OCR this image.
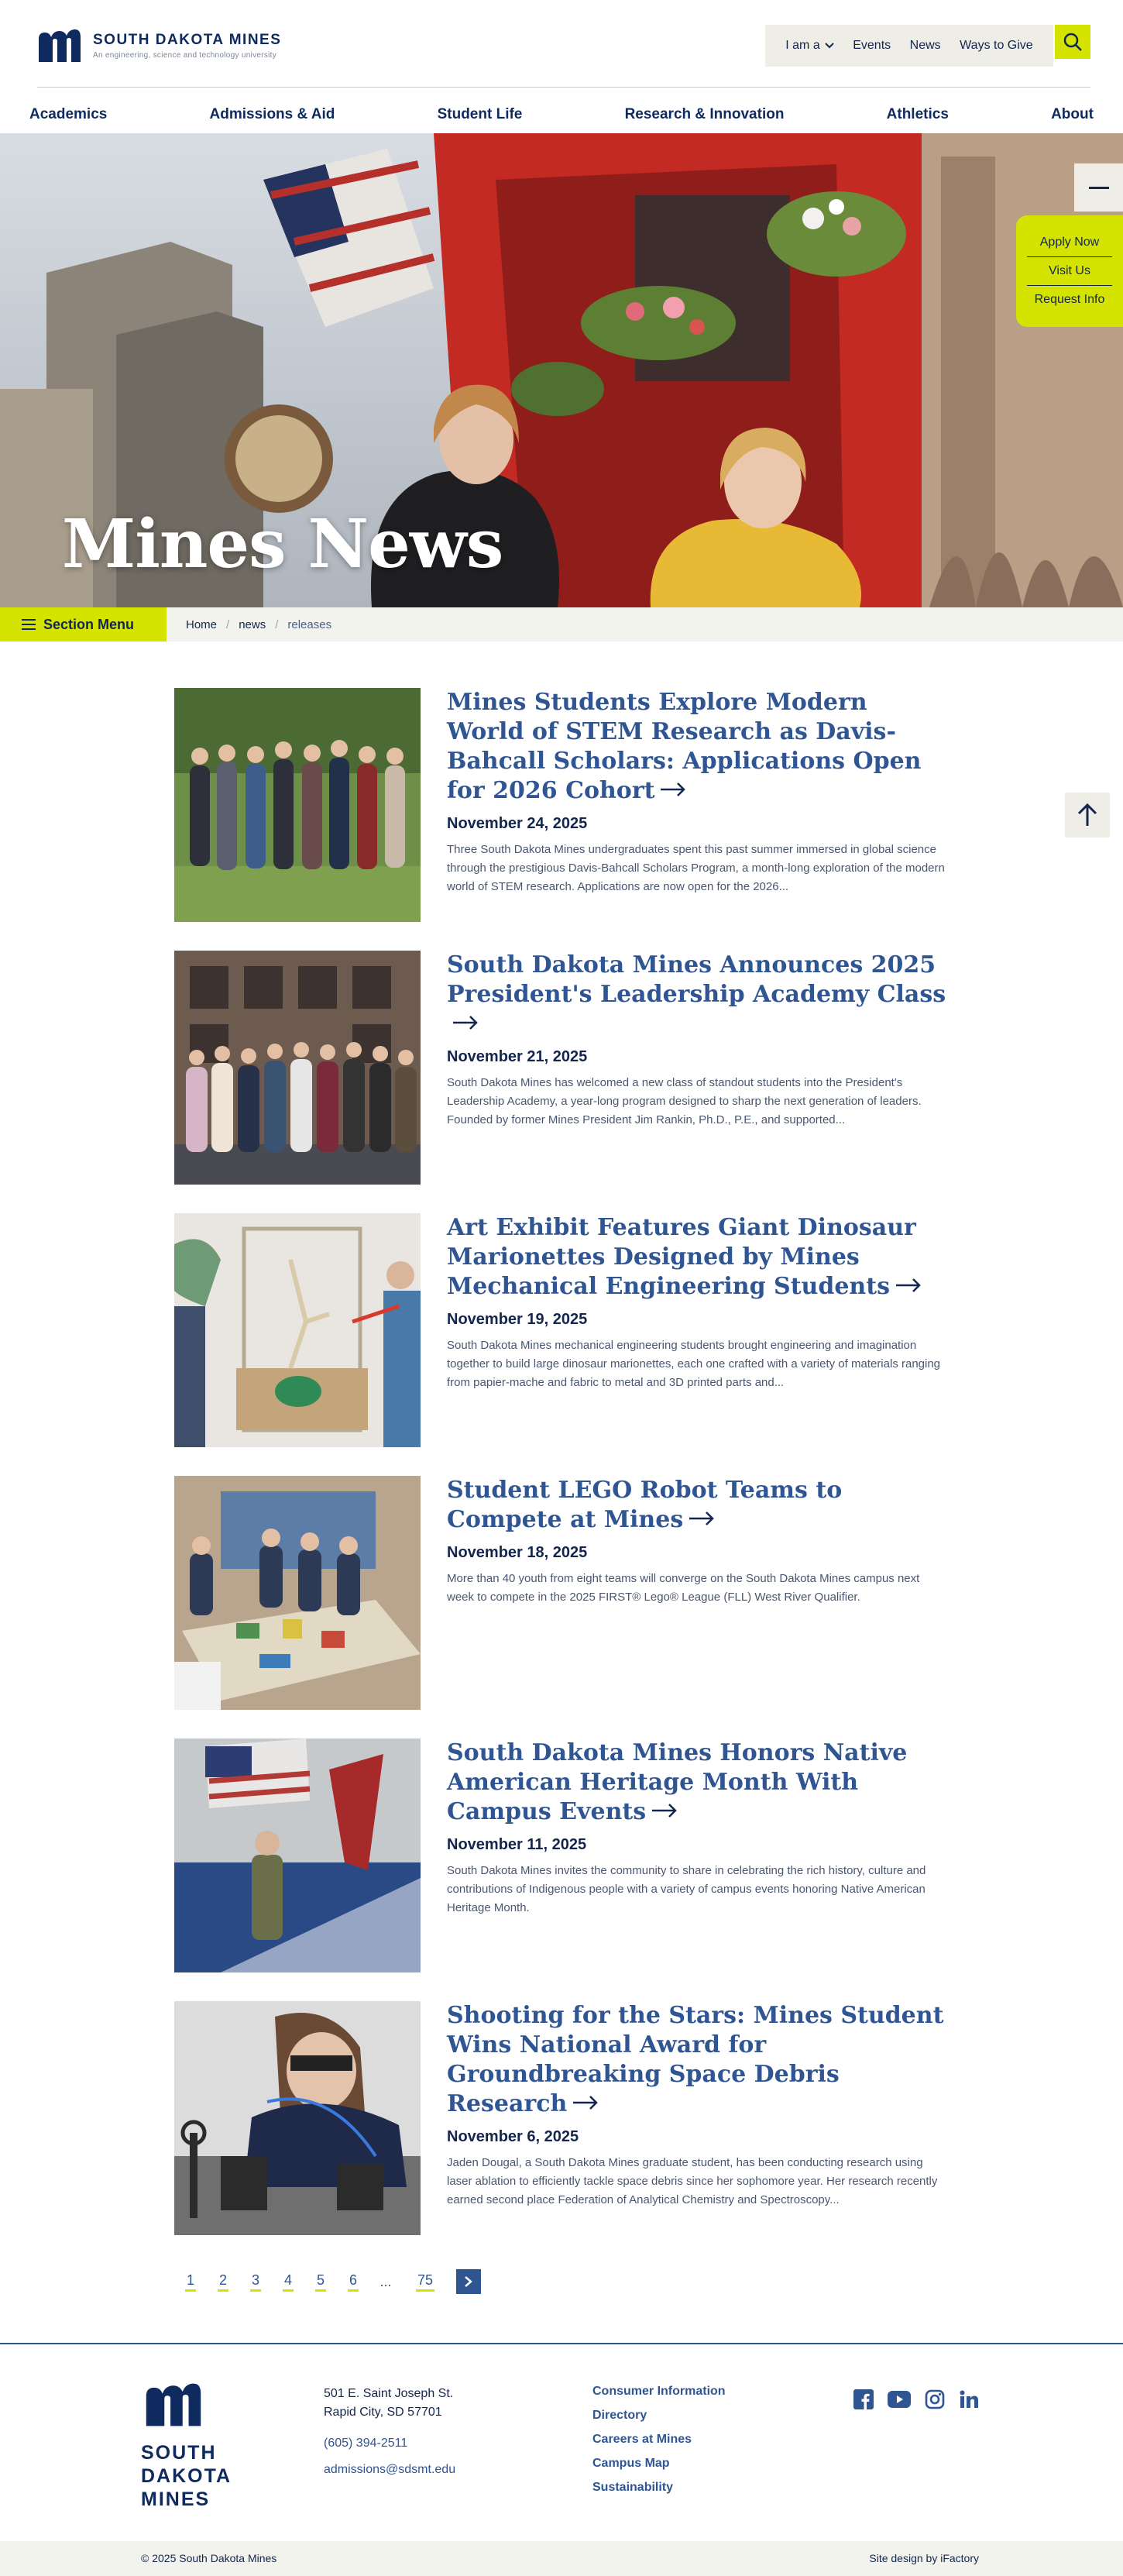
SOUTH DAKOTA MINES
An engineering, science and technology university
I am a	Events News Ways to Give
Academics	Admissions & Aid	Student Life	Research & Innovation	Athletics	About
Mines News
Apply Now
Visit Us
Request Info
Section Menu	Home / news / releases
Mines Students Explore Modern World of STEM Research as Davis-Bahcall Scholars: Applications Open for 2026 Cohort
November 24, 2025
Three South Dakota Mines undergraduates spent this past summer immersed in global science through the prestigious Davis-Bahcall Scholars Program, a month-long exploration of the modern world of STEM research. Applications are now open for the 2026...
South Dakota Mines Announces 2025 President's Leadership Academy Class
November 21, 2025
South Dakota Mines has welcomed a new class of standout students into the President's Leadership Academy, a year-long program designed to sharp the next generation of leaders. Founded by former Mines President Jim Rankin, Ph.D., P.E., and supported...
Art Exhibit Features Giant Dinosaur Marionettes Designed by Mines Mechanical Engineering Students
November 19, 2025
South Dakota Mines mechanical engineering students brought engineering and imagination together to build large dinosaur marionettes, each one crafted with a variety of materials ranging from papier-mache and fabric to metal and 3D printed parts and...
Student LEGO Robot Teams to Compete at Mines
November 18, 2025
More than 40 youth from eight teams will converge on the South Dakota Mines campus next week to compete in the 2025 FIRST® Lego® League (FLL) West River Qualifier.
South Dakota Mines Honors Native American Heritage Month With Campus Events
November 11, 2025
South Dakota Mines invites the community to share in celebrating the rich history, culture and contributions of Indigenous people with a variety of campus events honoring Native American Heritage Month.
Shooting for the Stars: Mines Student Wins National Award for Groundbreaking Space Debris Research
November 6, 2025
Jaden Dougal, a South Dakota Mines graduate student, has been conducting research using laser ablation to efficiently tackle space debris since her sophomore year. Her research recently earned second place Federation of Analytical Chemistry and Spectroscopy...
1	2	3	4	5	6	...	75
SOUTH
DAKOTA
MINES
501 E. Saint Joseph St.
Rapid City, SD 57701
(605) 394-2511
admissions@sdsmt.edu
Consumer Information
Directory
Careers at Mines
Campus Map
Sustainability
© 2025 South Dakota Mines	Site design by iFactory
